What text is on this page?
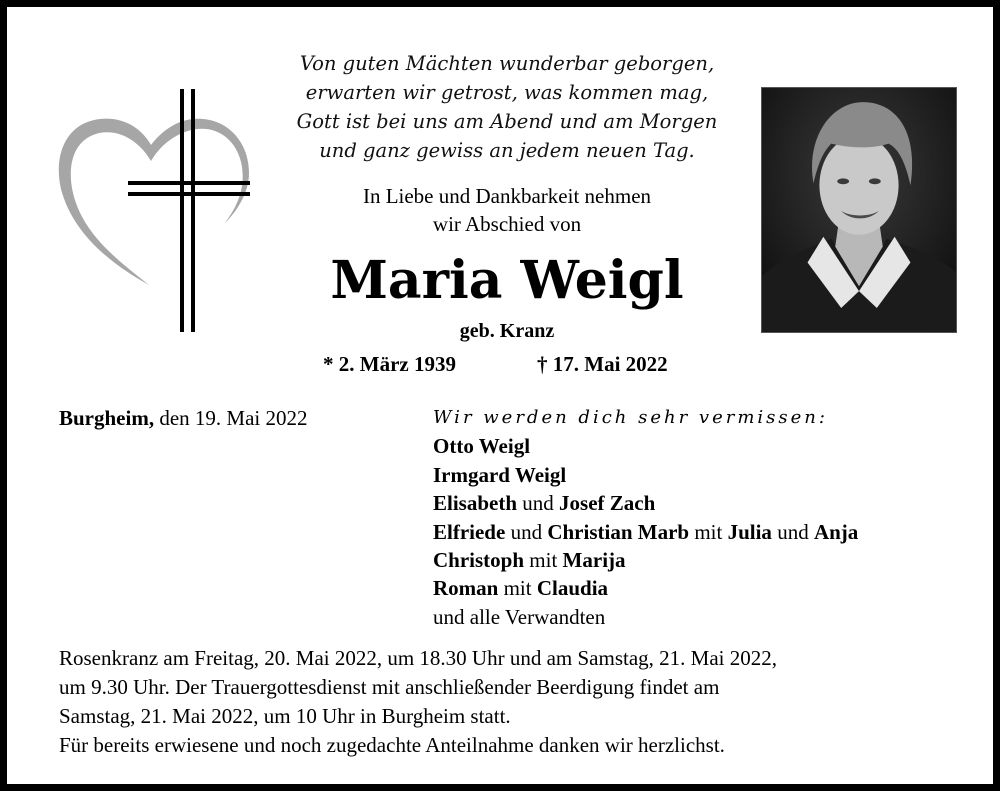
Von guten Mächten wunderbar geborgen,
erwarten wir getrost, was kommen mag,
Gott ist bei uns am Abend und am Morgen
und ganz gewiss an jedem neuen Tag.
In Liebe und Dankbarkeit nehmen
wir Abschied von
Maria Weigl
geb. Kranz
* 2. März 1939	† 17. Mai 2022
Burgheim, den 19. Mai 2022	Wir werden dich sehr vermissen:
Otto Weigl
Irmgard Weigl
Elisabeth und Josef Zach
Elfriede und Christian Marb mit Julia und Anja
Christoph mit Marija
Roman mit Claudia
und alle Verwandten
Rosenkranz am Freitag, 20. Mai 2022, um 18.30 Uhr und am Samstag, 21. Mai 2022,
um 9.30 Uhr. Der Trauergottesdienst mit anschließender Beerdigung findet am
Samstag, 21. Mai 2022, um 10 Uhr in Burgheim statt.
Für bereits erwiesene und noch zugedachte Anteilnahme danken wir herzlichst.
